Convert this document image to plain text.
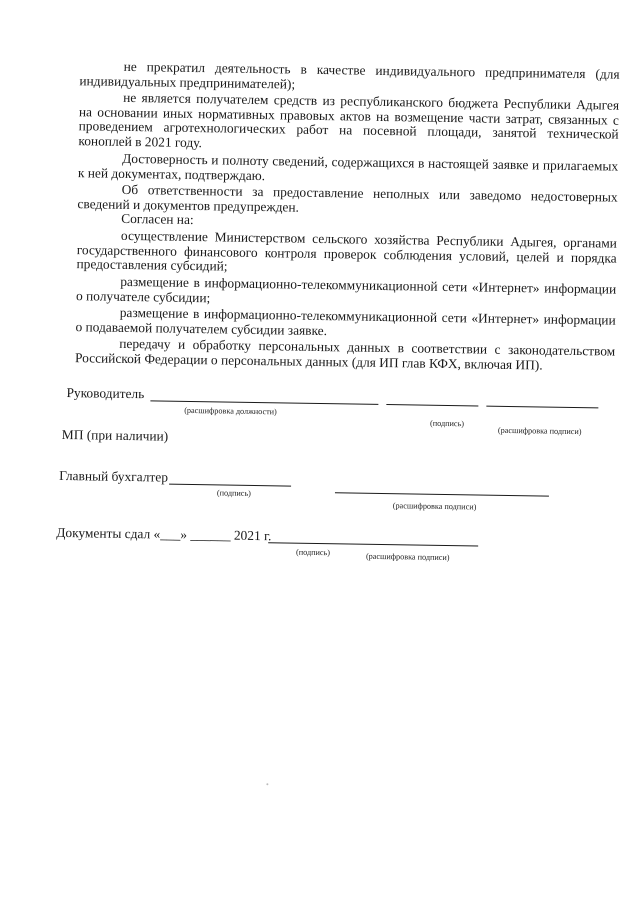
не прекратил деятельность в качестве индивидуального предпринимателя (для индивидуальных предпринимателей);
не является получателем средств из республиканского бюджета Республики Адыгея на основании иных нормативных правовых актов на возмещение части затрат, связанных с проведением агротехнологических работ на посевной площади, занятой технической коноплей в 2021 году.
Достоверность и полноту сведений, содержащихся в настоящей заявке и прилагаемых к ней документах, подтверждаю.
Об ответственности за предоставление неполных или заведомо недостоверных сведений и документов предупрежден.
Согласен на:
осуществление Министерством сельского хозяйства Республики Адыгея, органами государственного финансового контроля проверок соблюдения условий, целей и порядка предоставления субсидий;
размещение в информационно-телекоммуникационной сети «Интернет» информации о получателе субсидии;
размещение в информационно-телекоммуникационной сети «Интернет» информации о подаваемой получателем субсидии заявке.
передачу и обработку персональных данных в соответствии с законодательством Российской Федерации о персональных данных (для ИП глав КФХ, включая ИП).
Руководитель
(расшифровка должности)
(подпись)
(расшифровка подписи)
МП (при наличии)
Главный бухгалтер
(подпись)
(расшифровка подписи)
Документы сдал «___» ______ 2021 г.
(подпись)	(расшифровка подписи)
